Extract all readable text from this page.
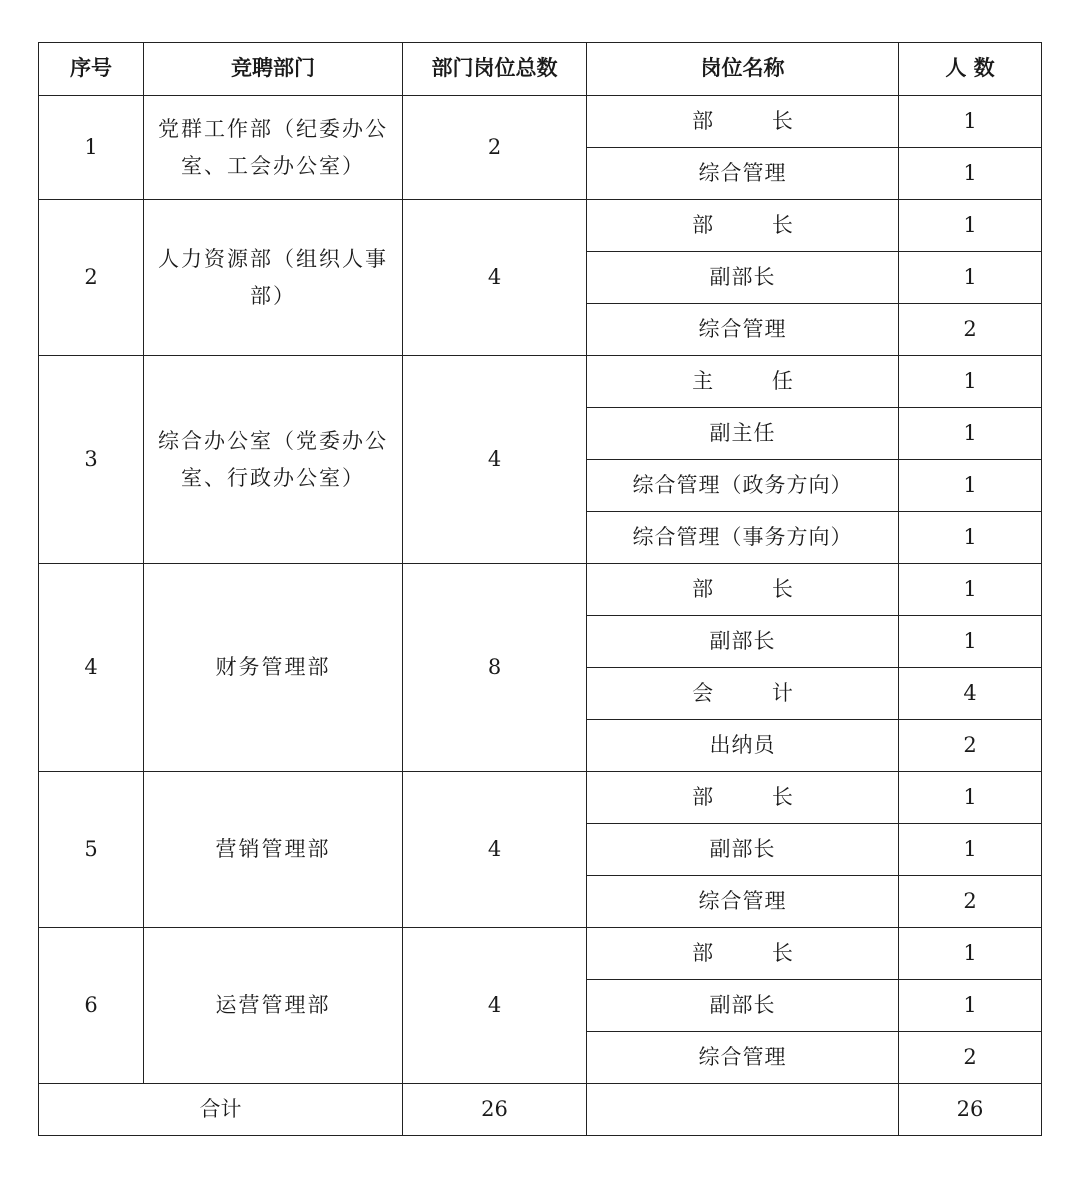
序号	竞聘部门	部门岗位总数	岗位名称	人 数
1	党群工作部（纪委办公室、工会办公室）	2	部 长	1
			综合管理	1
2	人力资源部（组织人事部）	4	部 长	1
			副部长	1
			综合管理	2
3	综合办公室（党委办公室、行政办公室）	4	主 任	1
			副主任	1
			综合管理（政务方向）	1
			综合管理（事务方向）	1
4	财务管理部	8	部 长	1
			副部长	1
			会 计	4
			出纳员	2
5	营销管理部	4	部 长	1
			副部长	1
			综合管理	2
6	运营管理部	4	部 长	1
			副部长	1
			综合管理	2
合计		26		26
